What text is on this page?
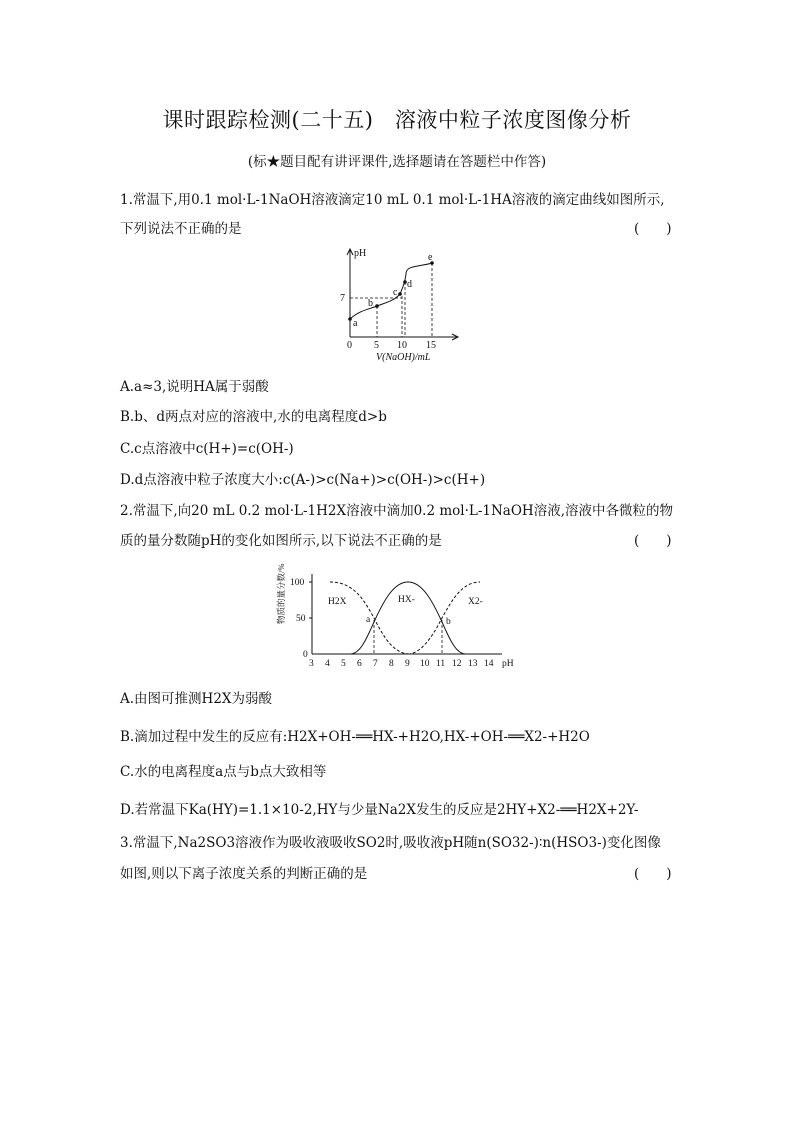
课时跟踪检测(二十五)　溶液中粒子浓度图像分析
(标★题目配有讲评课件,选择题请在答题栏中作答)
1.常温下,用0.1 mol·L-1NaOH溶液滴定10 mL 0.1 mol·L-1HA溶液的滴定曲线如图所示,
下列说法不正确的是	(　　)
pH
7
0 5 10 15
V(NaOH)/mL
a
b
c
d
e
A.a≈3,说明HA属于弱酸
B.b、d两点对应的溶液中,水的电离程度d>b
C.c点溶液中c(H+)=c(OH-)
D.d点溶液中粒子浓度大小:c(A-)>c(Na+)>c(OH-)>c(H+)
2.常温下,向20 mL 0.2 mol·L-1H2X溶液中滴加0.2 mol·L-1NaOH溶液,溶液中各微粒的物
质的量分数随pH的变化如图所示,以下说法不正确的是	(　　)
物质的量分数/% 100
50
0
3 4 5 6 7 8 9 10 11 12 13 14 pH
H2X	HX-	X2-
a	b
A.由图可推测H2X为弱酸
B.滴加过程中发生的反应有:H2X+OH-══HX-+H2O,HX-+OH-══X2-+H2O
C.水的电离程度a点与b点大致相等
D.若常温下Ka(HY)=1.1×10-2,HY与少量Na2X发生的反应是2HY+X2-══H2X+2Y-
3.常温下,Na2SO3溶液作为吸收液吸收SO2时,吸收液pH随n(SO32-)∶n(HSO3-)变化图像
如图,则以下离子浓度关系的判断正确的是	(　　)
